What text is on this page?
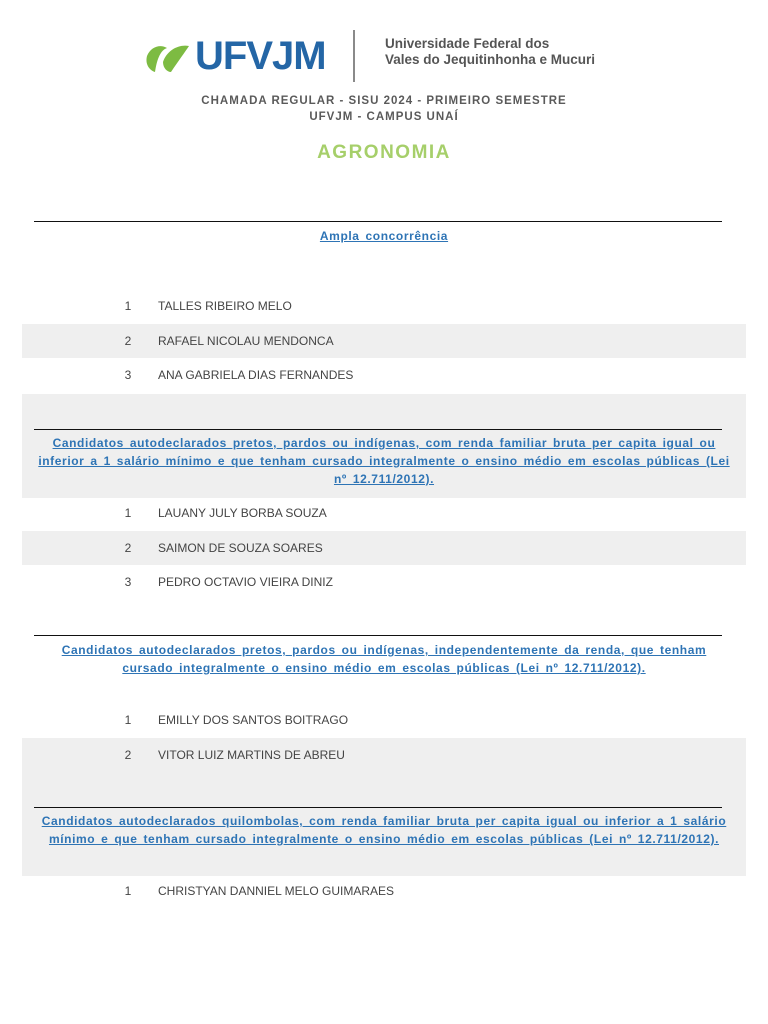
UFVJM	Universidade Federal dos
Vales do Jequitinhonha e Mucuri
CHAMADA REGULAR - SISU 2024 - PRIMEIRO SEMESTRE
UFVJM - CAMPUS UNAÍ
AGRONOMIA
Ampla concorrência
1 TALLES RIBEIRO MELO
2 RAFAEL NICOLAU MENDONCA
3 ANA GABRIELA DIAS FERNANDES
Candidatos autodeclarados pretos, pardos ou indígenas, com renda familiar bruta per capita igual ou
inferior a 1 salário mínimo e que tenham cursado integralmente o ensino médio em escolas públicas (Lei
nº 12.711/2012).
1 LAUANY JULY BORBA SOUZA
2 SAIMON DE SOUZA SOARES
3 PEDRO OCTAVIO VIEIRA DINIZ
Candidatos autodeclarados pretos, pardos ou indígenas, independentemente da renda, que tenham
cursado integralmente o ensino médio em escolas públicas (Lei nº 12.711/2012).
1 EMILLY DOS SANTOS BOITRAGO
2 VITOR LUIZ MARTINS DE ABREU
Candidatos autodeclarados quilombolas, com renda familiar bruta per capita igual ou inferior a 1 salário
mínimo e que tenham cursado integralmente o ensino médio em escolas públicas (Lei nº 12.711/2012).
1 CHRISTYAN DANNIEL MELO GUIMARAES
